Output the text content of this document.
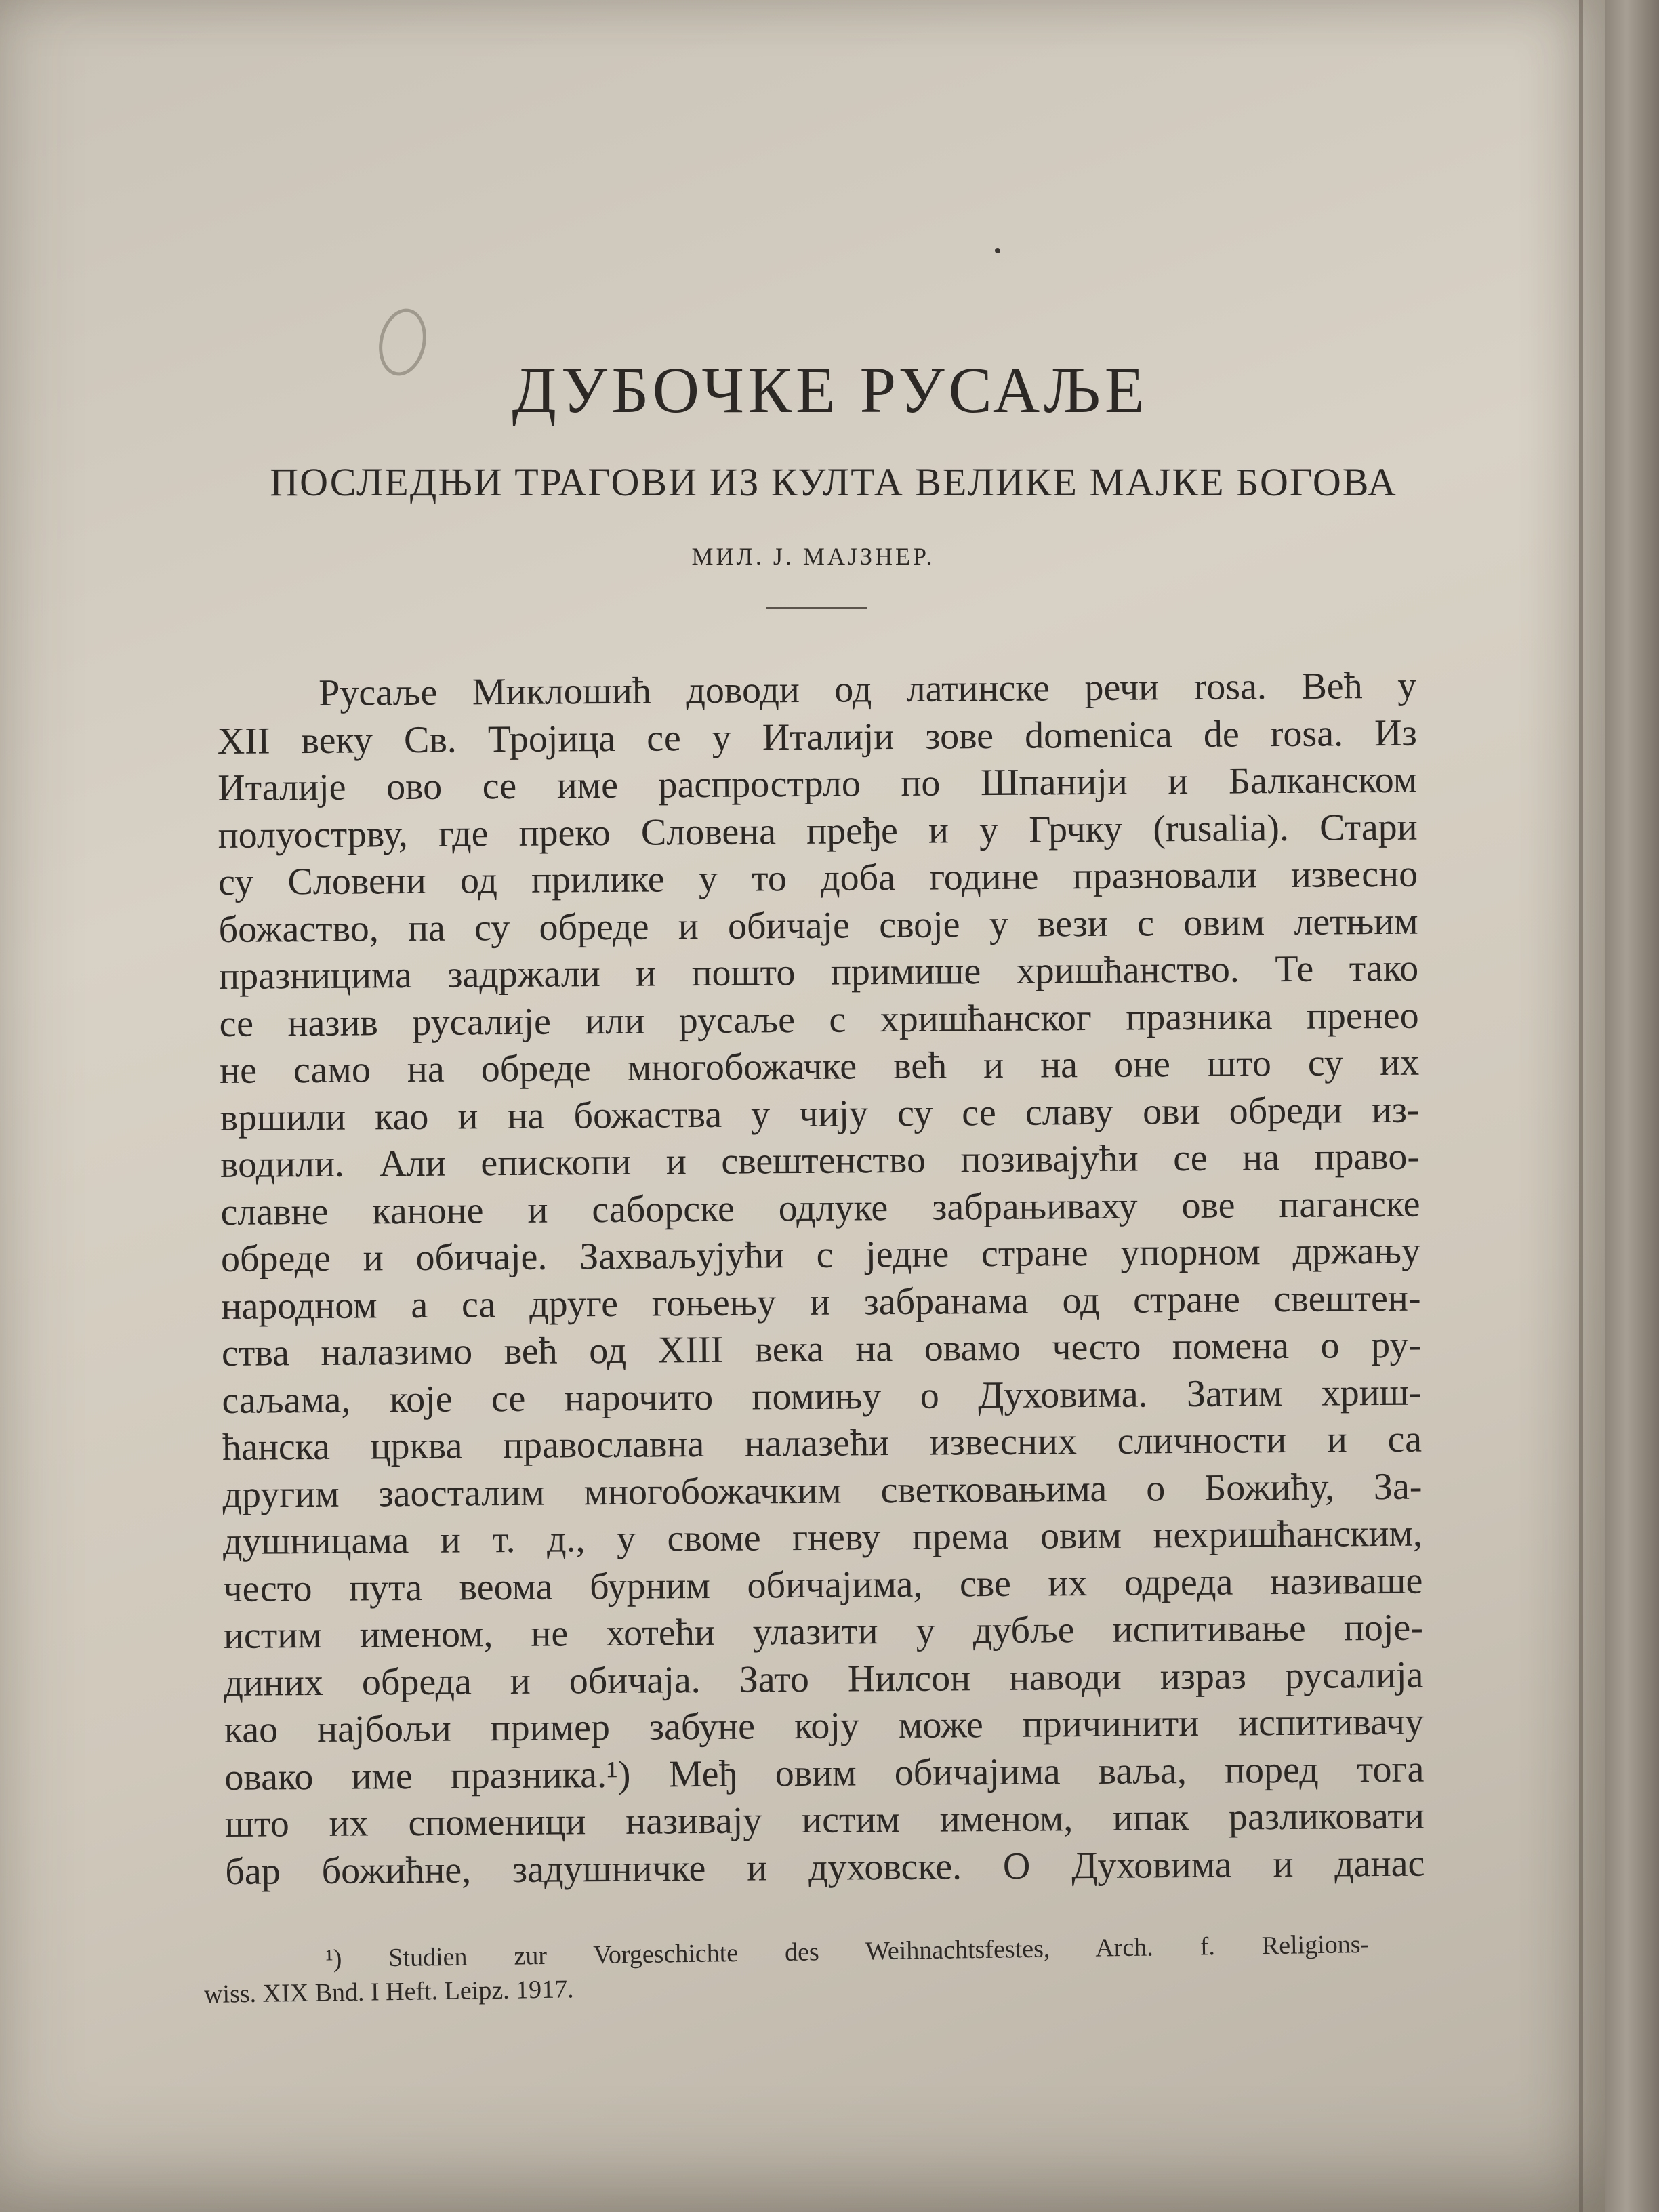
ДУБОЧКЕ РУСАЉЕ
ПОСЛЕДЊИ ТРАГОВИ ИЗ КУЛТА ВЕЛИКЕ МАЈКЕ БОГОВА
МИЛ. Ј. МАЈЗНЕР.
Русаље Миклошић доводи од латинске речи rosa. Већ у
XII веку Св. Тројица се у Италији зове domenica de rosa. Из
Италије ово се име распрострло по Шпанији и Балканском
полуострву, где преко Словена пређе и у Грчку (rusalia). Стари
су Словени од прилике у то доба године празновали извесно
божаство, па су обреде и обичаје своје у вези с овим летњим
празницима задржали и пошто примише хришћанство. Те тако
се назив русалије или русаље с хришћанског празника пренео
не само на обреде многобожачке већ и на оне што су их
вршили као и на божаства у чију су се славу ови обреди из-
водили. Али епископи и свештенство позивајући се на право-
славне каноне и саборске одлуке забрањиваху ове паганске
обреде и обичаје. Захваљујући с једне стране упорном држању
народном а са друге гоњењу и забранама од стране свештен-
ства налазимо већ од XIII века на овамо често помена о ру-
саљама, које се нарочито помињу о Духовима. Затим хриш-
ћанска црква православна налазећи извесних сличности и са
другим заосталим многобожачким светковањима о Божићу, За-
душницама и т. д., у своме гневу према овим нехришћанским,
често пута веома бурним обичајима, све их одреда називаше
истим именом, не хотећи улазити у дубље испитивање поје-
диних обреда и обичаја. Зато Нилсон наводи израз русалија
као најбољи пример забуне коју може причинити испитивачу
овако име празника.¹) Међ овим обичајима ваља, поред тога
што их споменици називају истим именом, ипак разликовати
бар божићне, задушничке и духовске. О Духовима и данас
¹) Studien zur Vorgeschichte des Weihnachtsfestes, Arch. f. Religions-
wiss. XIX Bnd. I Heft. Leipz. 1917.
